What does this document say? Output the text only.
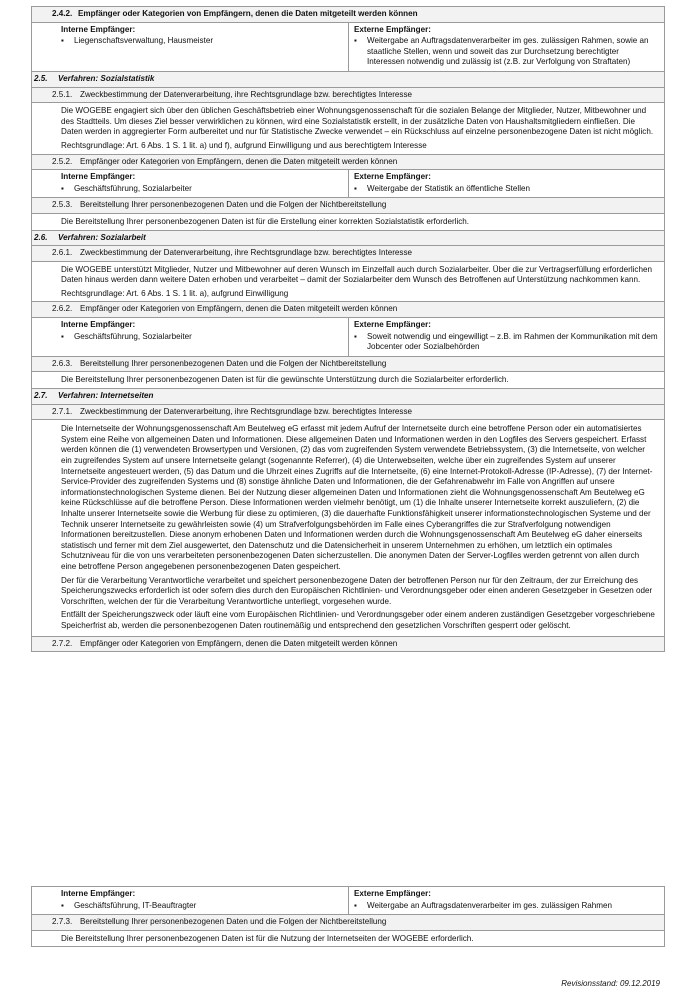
2.4.2. Empfänger oder Kategorien von Empfängern, denen die Daten mitgeteilt werden können
Interne Empfänger:
▪ Liegenschaftsverwaltung, Hausmeister
Externe Empfänger:
▪ Weitergabe an Auftragsdatenverarbeiter im ges. zulässigen Rahmen, sowie an staatliche Stellen, wenn und soweit das zur Durchsetzung berechtigter Interessen notwendig und zulässig ist (z.B. zur Verfolgung von Straftaten)
2.5. Verfahren: Sozialstatistik
2.5.1. Zweckbestimmung der Datenverarbeitung, ihre Rechtsgrundlage bzw. berechtigtes Interesse

Die WOGEBE engagiert sich über den üblichen Geschäftsbetrieb einer Wohnungsgenossenschaft für die sozialen Belange der Mitglieder, Nutzer, Mitbewohner und des Stadtteils. Um dieses Ziel besser verwirklichen zu können, wird eine Sozialstatistik erstellt, in der zusätzliche Daten von Haushaltsmitgliedern einfließen. Die Daten werden in aggregierter Form aufbereitet und nur für Statistische Zwecke verwendet – ein Rückschluss auf einzelne personenbezogene Daten ist nicht möglich.

Rechtsgrundlage: Art. 6 Abs. 1 S. 1 lit. a) und f), aufgrund Einwilligung und aus berechtigtem Interesse

2.5.2. Empfänger oder Kategorien von Empfängern, denen die Daten mitgeteilt werden können
Interne Empfänger:
▪ Geschäftsführung, Sozialarbeiter
Externe Empfänger:
▪ Weitergabe der Statistik an öffentliche Stellen
2.5.3. Bereitstellung Ihrer personenbezogenen Daten und die Folgen der Nichtbereitstellung

Die Bereitstellung Ihrer personenbezogenen Daten ist für die Erstellung einer korrekten Sozialstatistik erforderlich.

2.6. Verfahren: Sozialarbeit
2.6.1. Zweckbestimmung der Datenverarbeitung, ihre Rechtsgrundlage bzw. berechtigtes Interesse

Die WOGEBE unterstützt Mitglieder, Nutzer und Mitbewohner auf deren Wunsch im Einzelfall auch durch Sozialarbeiter. Über die zur Vertragserfüllung erforderlichen Daten hinaus werden dann weitere Daten erhoben und verarbeitet – damit der Sozialarbeiter dem Wunsch des Betroffenen auf Unterstützung nachkommen kann.

Rechtsgrundlage: Art. 6 Abs. 1 S. 1 lit. a), aufgrund Einwilligung

2.6.2. Empfänger oder Kategorien von Empfängern, denen die Daten mitgeteilt werden können
Interne Empfänger:
▪ Geschäftsführung, Sozialarbeiter
Externe Empfänger:
▪ Soweit notwendig und eingewilligt – z.B. im Rahmen der Kommunikation mit dem Jobcenter oder Sozialbehörden
2.6.3. Bereitstellung Ihrer personenbezogenen Daten und die Folgen der Nichtbereitstellung

Die Bereitstellung Ihrer personenbezogenen Daten ist für die gewünschte Unterstützung durch die Sozialarbeiter erforderlich.

2.7. Verfahren: Internetseiten
2.7.1. Zweckbestimmung der Datenverarbeitung, ihre Rechtsgrundlage bzw. berechtigtes Interesse

Die Internetseite der Wohnungsgenossenschaft Am Beutelweg eG erfasst mit jedem Aufruf der Internetseite durch eine betroffene Person oder ein automatisiertes System eine Reihe von allgemeinen Daten und Informationen. Diese allgemeinen Daten und Informationen werden in den Logfiles des Servers gespeichert. Erfasst werden können die (1) verwendeten Browsertypen und Versionen, (2) das vom zugreifenden System verwendete Betriebssystem, (3) die Internetseite, von welcher ein zugreifendes System auf unsere Internetseite gelangt (sogenannte Referrer), (4) die Unterwebseiten, welche über ein zugreifendes System auf unserer Internetseite angesteuert werden, (5) das Datum und die Uhrzeit eines Zugriffs auf die Internetseite, (6) eine Internet-Protokoll-Adresse (IP-Adresse), (7) der Internet-Service-Provider des zugreifenden Systems und (8) sonstige ähnliche Daten und Informationen, die der Gefahrenabwehr im Falle von Angriffen auf unsere informationstechnologischen Systeme dienen. Bei der Nutzung dieser allgemeinen Daten und Informationen zieht die Wohnungsgenossenschaft Am Beutelweg eG keine Rückschlüsse auf die betroffene Person. Diese Informationen werden vielmehr benötigt, um (1) die Inhalte unserer Internetseite korrekt auszuliefern, (2) die Inhalte unserer Internetseite sowie die Werbung für diese zu optimieren, (3) die dauerhafte Funktionsfähigkeit unserer informationstechnologischen Systeme und der Technik unserer Internetseite zu gewährleisten sowie (4) um Strafverfolgungsbehörden im Falle eines Cyberangriffes die zur Strafverfolgung notwendigen Informationen bereitzustellen. Diese anonym erhobenen Daten und Informationen werden durch die Wohnungsgenossenschaft Am Beutelweg eG daher einerseits statistisch und ferner mit dem Ziel ausgewertet, den Datenschutz und die Datensicherheit in unserem Unternehmen zu erhöhen, um letztlich ein optimales Schutzniveau für die von uns verarbeiteten personenbezogenen Daten sicherzustellen. Die anonymen Daten der Server-Logfiles werden getrennt von allen durch eine betroffene Person angegebenen personenbezogenen Daten gespeichert.

Der für die Verarbeitung Verantwortliche verarbeitet und speichert personenbezogene Daten der betroffenen Person nur für den Zeitraum, der zur Erreichung des Speicherungszwecks erforderlich ist oder sofern dies durch den Europäischen Richtlinien- und Verordnungsgeber oder einen anderen Gesetzgeber in Gesetzen oder Vorschriften, welchen der für die Verarbeitung Verantwortliche unterliegt, vorgesehen wurde.

Entfällt der Speicherungszweck oder läuft eine vom Europäischen Richtlinien- und Verordnungsgeber oder einem anderen zuständigen Gesetzgeber vorgeschriebene Speicherfrist ab, werden die personenbezogenen Daten routinemäßig und entsprechend den gesetzlichen Vorschriften gesperrt oder gelöscht.

2.7.2. Empfänger oder Kategorien von Empfängern, denen die Daten mitgeteilt werden können
Interne Empfänger:
▪ Geschäftsführung, IT-Beauftragter
Externe Empfänger:
▪ Weitergabe an Auftragsdatenverarbeiter im ges. zulässigen Rahmen
2.7.3. Bereitstellung Ihrer personenbezogenen Daten und die Folgen der Nichtbereitstellung

Die Bereitstellung Ihrer personenbezogenen Daten ist für die Nutzung der Internetseiten der WOGEBE erforderlich.

Revisionsstand: 09.12.2019
